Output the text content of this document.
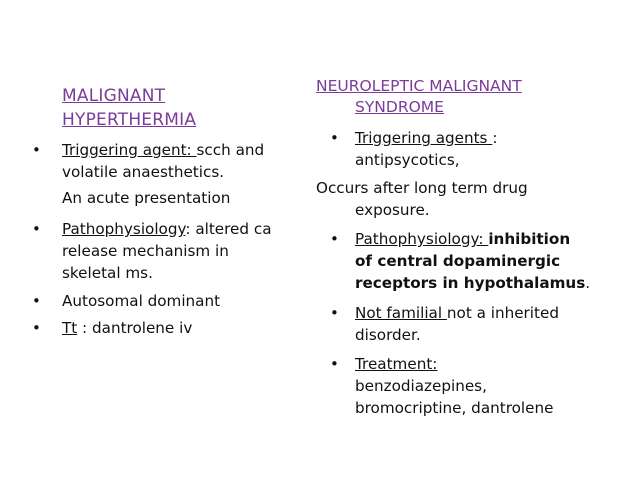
MALIGNANT
HYPERTHERMIA
• Triggering agent: scch and
volatile anaesthetics.
An acute presentation
• Pathophysiology: altered ca
release mechanism in
skeletal ms.
• Autosomal dominant
• Tt : dantrolene iv
NEUROLEPTIC MALIGNANT
SYNDROME
• Triggering agents :
antipsycotics,
Occurs after long term drug
exposure.
• Pathophysiology: inhibition
of central dopaminergic
receptors in hypothalamus.
• Not familial not a inherited
disorder.
• Treatment:
benzodiazepines,
bromocriptine, dantrolene
